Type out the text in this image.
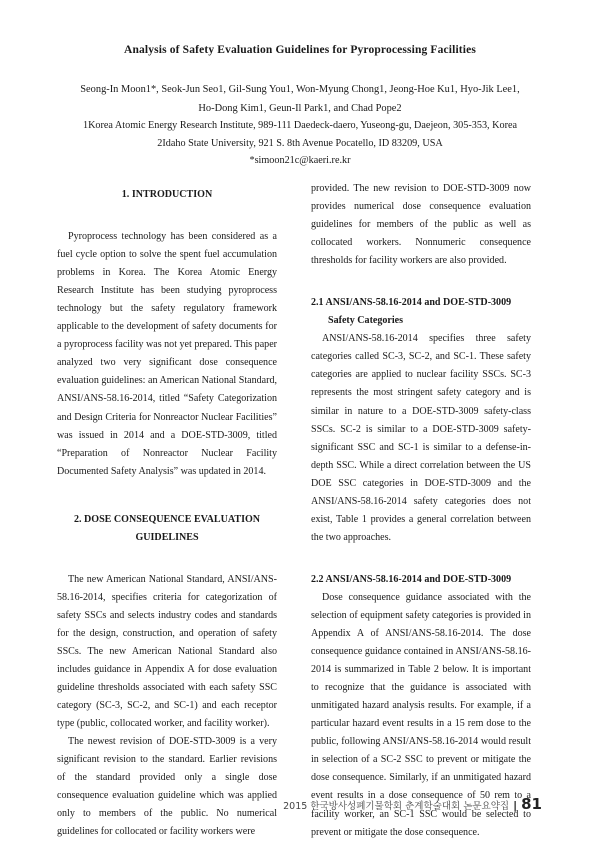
Analysis of Safety Evaluation Guidelines for Pyroprocessing Facilities
Seong-In Moon1*, Seok-Jun Seo1, Gil-Sung You1, Won-Myung Chong1, Jeong-Hoe Ku1, Hyo-Jik Lee1,
Ho-Dong Kim1, Geun-Il Park1, and Chad Pope2
1Korea Atomic Energy Research Institute, 989-111 Daedeck-daero, Yuseong-gu, Daejeon, 305-353, Korea
2Idaho State University, 921 S. 8th Avenue Pocatello, ID 83209, USA
*simoon21c@kaeri.re.kr
1. INTRODUCTION

Pyroprocess technology has been considered as a fuel cycle option to solve the spent fuel accumulation problems in Korea. The Korea Atomic Energy Research Institute has been studying pyroprocess technology but the safety regulatory framework applicable to the development of safety documents for a pyroprocess facility was not yet prepared. This paper analyzed two very significant dose consequence evaluation guidelines: an American National Standard, ANSI/ANS-58.16-2014, titled “Safety Categorization and Design Criteria for Nonreactor Nuclear Facilities” was issued in 2014 and a DOE-STD-3009, titled “Preparation of Nonreactor Nuclear Facility Documented Safety Analysis” was updated in 2014.

2. DOSE CONSEQUENCE EVALUATION
GUIDELINES

The new American National Standard, ANSI/ANS-58.16-2014, specifies criteria for categorization of safety SSCs and selects industry codes and standards for the design, construction, and operation of safety SSCs. The new American National Standard also includes guidance in Appendix A for dose evaluation guideline thresholds associated with each safety SSC category (SC-3, SC-2, and SC-1) and each receptor type (public, collocated worker, and facility worker).

The newest revision of DOE-STD-3009 is a very significant revision to the standard. Earlier revisions of the standard provided only a single dose consequence evaluation guideline which was applied only to members of the public. No numerical guidelines for collocated or facility workers were

provided. The new revision to DOE-STD-3009 now provides numerical dose consequence evaluation guidelines for members of the public as well as collocated workers. Nonnumeric consequence thresholds for facility workers are also provided.

2.1 ANSI/ANS-58.16-2014 and DOE-STD-3009 Safety Categories

ANSI/ANS-58.16-2014 specifies three safety categories called SC-3, SC-2, and SC-1. These safety categories are applied to nuclear facility SSCs. SC-3 represents the most stringent safety category and is similar in nature to a DOE-STD-3009 safety-class SSCs. SC-2 is similar to a DOE-STD-3009 safety-significant SSC and SC-1 is similar to a defense-in-depth SSC. While a direct correlation between the US DOE SSC categories in DOE-STD-3009 and the ANSI/ANS-58.16-2014 safety categories does not exist, Table 1 provides a general correlation between the two approaches.

2.2 ANSI/ANS-58.16-2014 and DOE-STD-3009

Dose consequence guidance associated with the selection of equipment safety categories is provided in Appendix A of ANSI/ANS-58.16-2014. The dose consequence guidance contained in ANSI/ANS-58.16-2014 is summarized in Table 2 below. It is important to recognize that the guidance is associated with unmitigated hazard analysis results. For example, if a particular hazard event results in a 15 rem dose to the public, following ANSI/ANS-58.16-2014 would result in selection of a SC-2 SSC to prevent or mitigate the dose consequence. Similarly, if an unmitigated hazard event results in a dose consequence of 50 rem to a facility worker, an SC-1 SSC would be selected to prevent or mitigate the dose consequence.

2015 한국방사성폐기물학회 춘계학술대회 논문요약집 | 81
